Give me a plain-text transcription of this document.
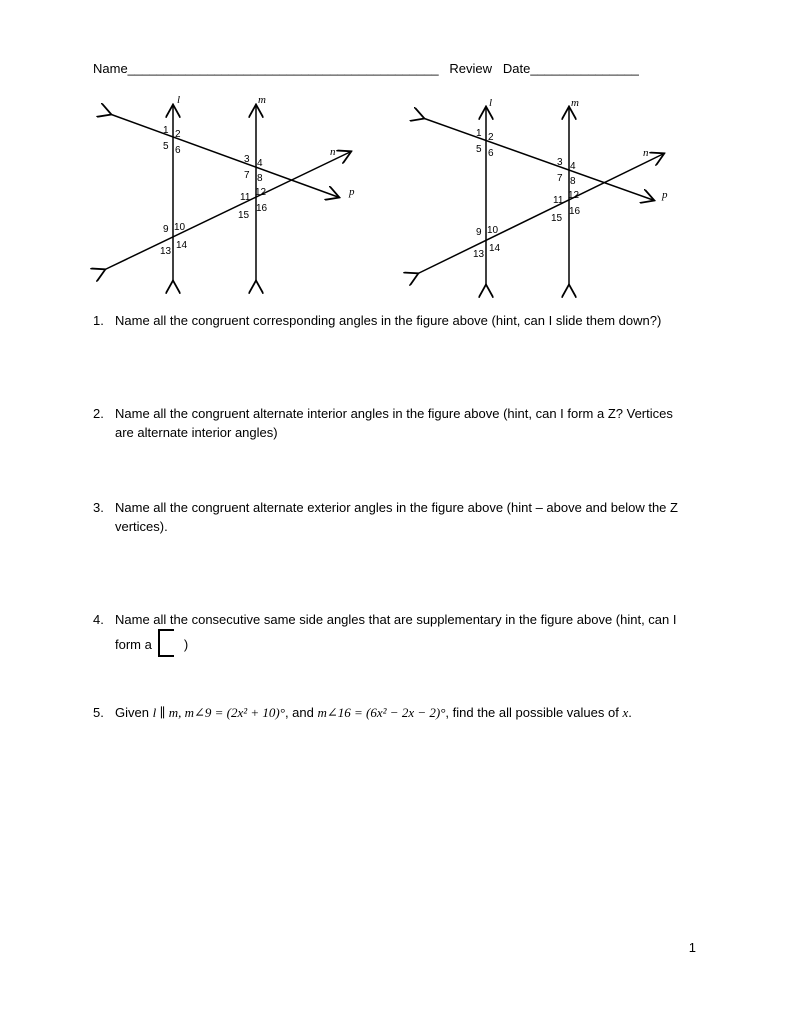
Name___________________________________________ Review Date_______________
l	m
n
p
1 2
5 6
3 4
7 8
11 12
15
16
9 10
13
14
l	m
n
p
1 2
5 6
3 4
7 8
11 12
15
16
9 10
13
14
1. Name all the congruent corresponding angles in the figure above (hint, can I slide them down?)
2. Name all the congruent alternate interior angles in the figure above (hint, can I form a Z? Vertices are alternate interior angles)
3. Name all the congruent alternate exterior angles in the figure above (hint – above and below the Z vertices).
4. Name all the consecutive same side angles that are supplementary in the figure above (hint, can I form a )
5. Given l ∥ m, m∠9 = (2x² + 10)°, and m∠16 = (6x² − 2x − 2)°, find the all possible values of x.
1
